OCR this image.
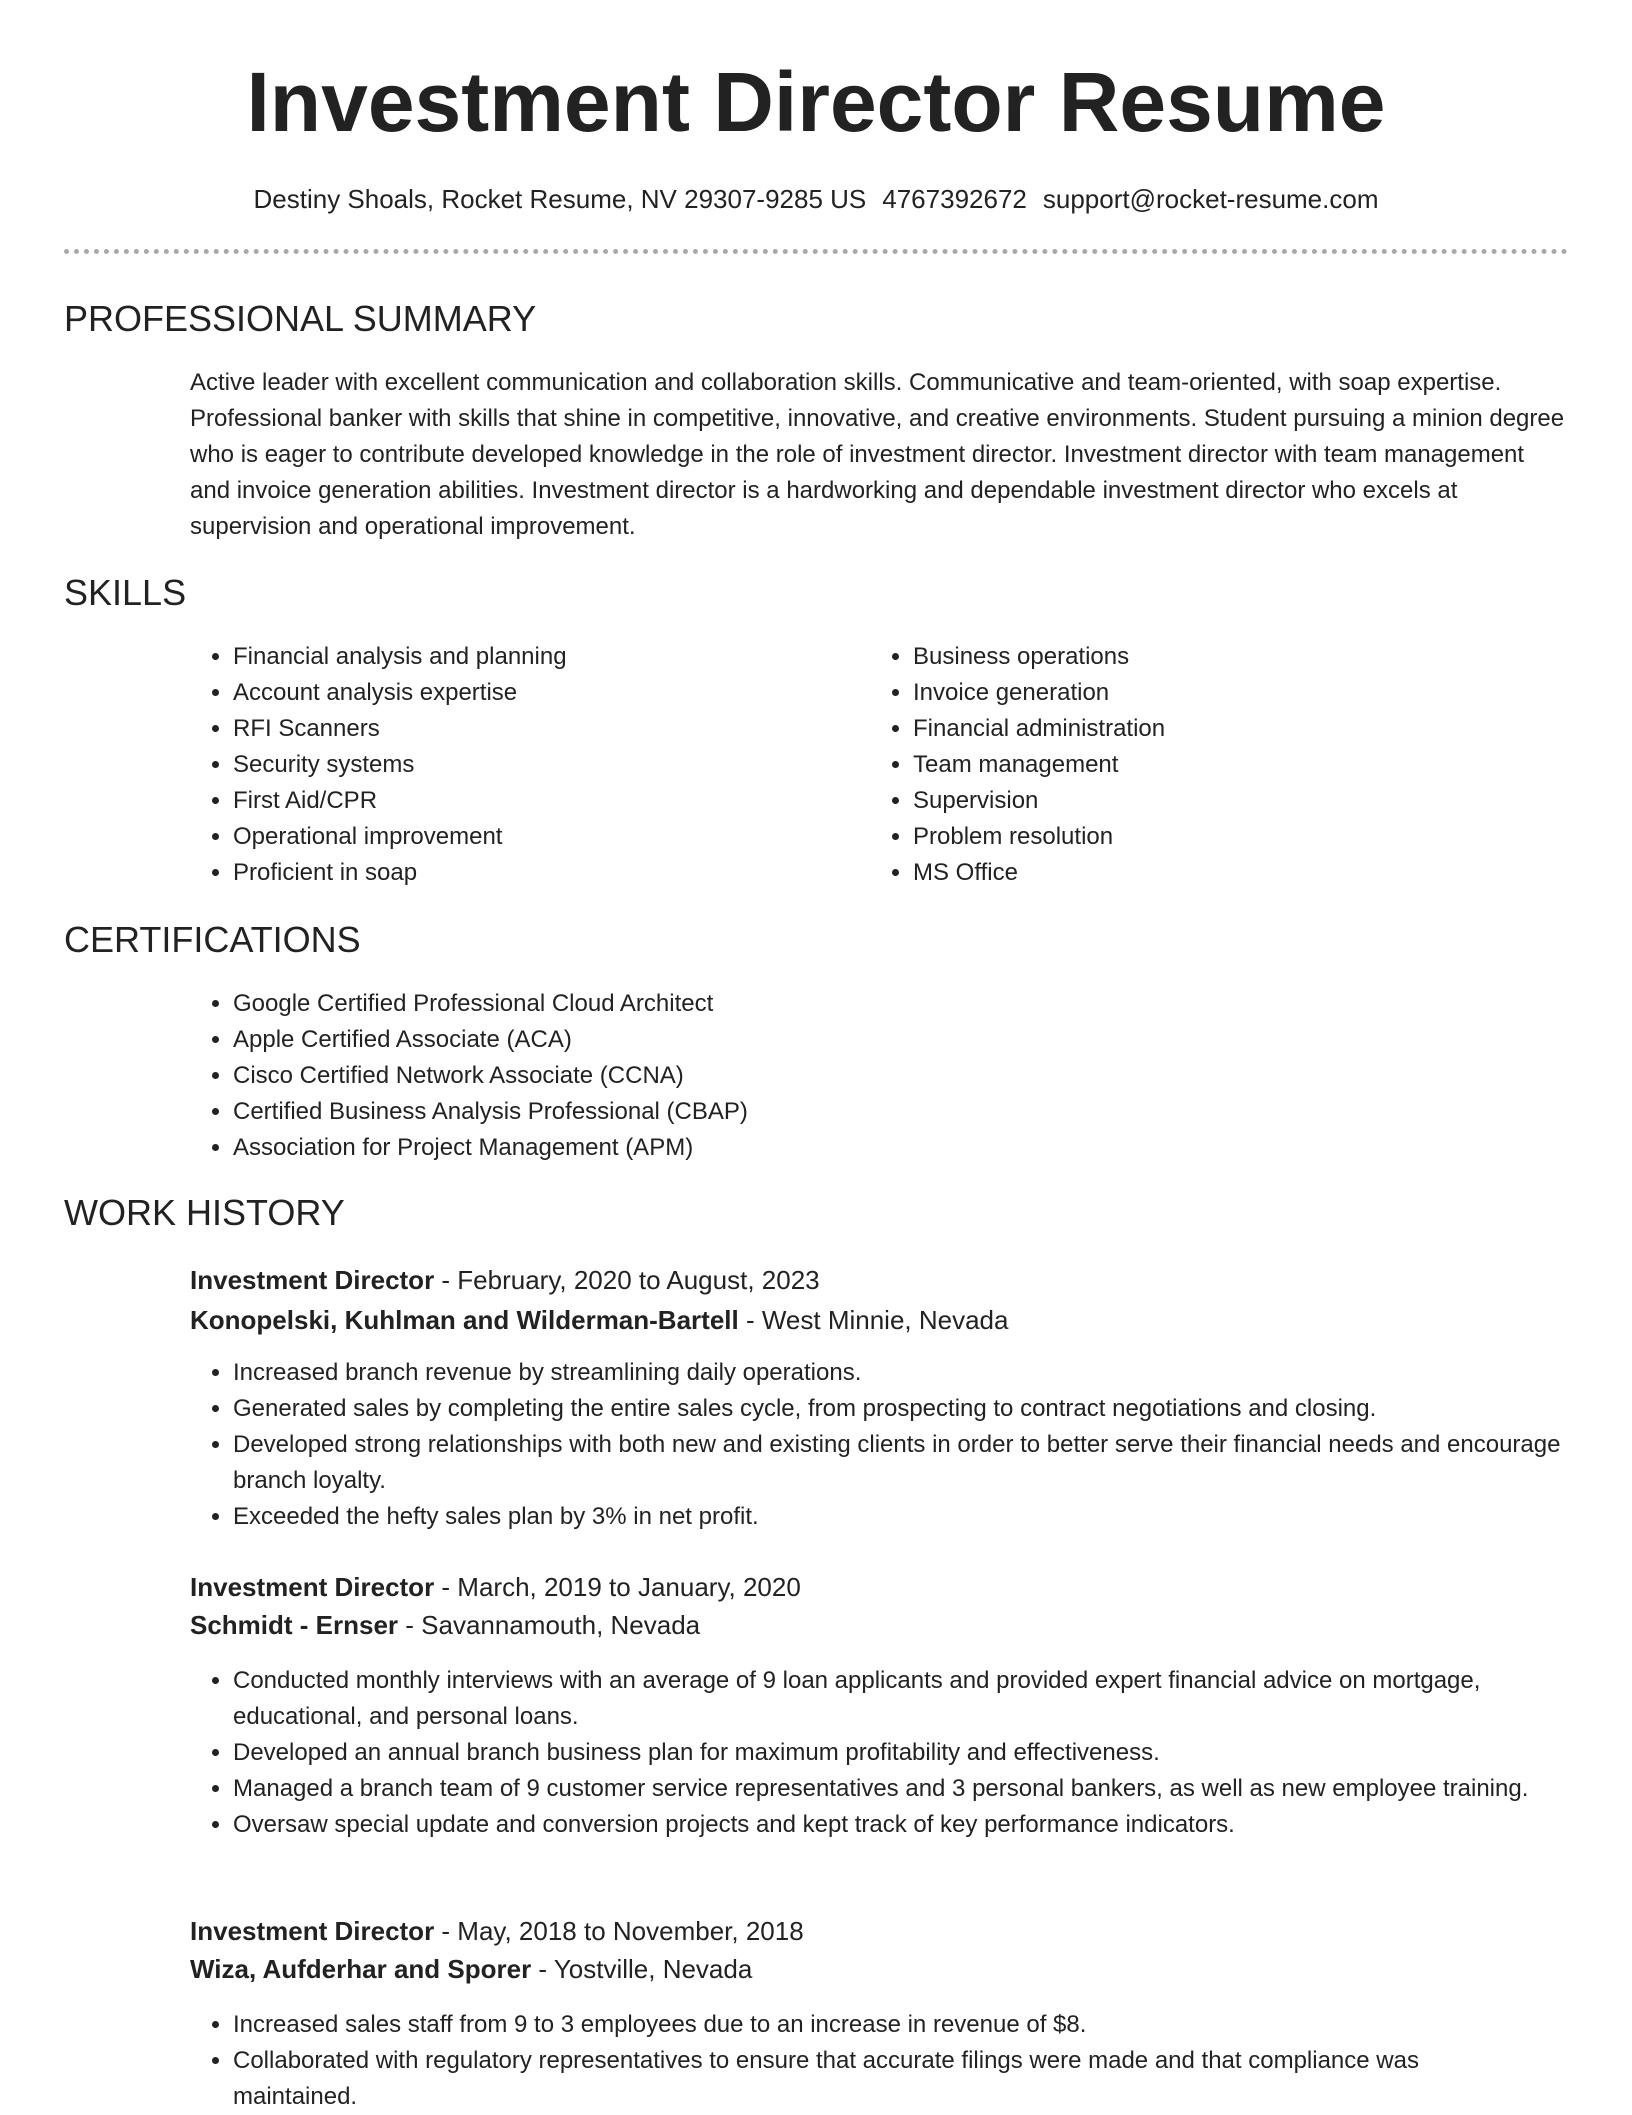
Investment Director Resume
Destiny Shoals, Rocket Resume, NV 29307-9285 US 4767392672 support@rocket-resume.com
PROFESSIONAL SUMMARY

Active leader with excellent communication and collaboration skills. Communicative and team-oriented, with soap expertise. Professional banker with skills that shine in competitive, innovative, and creative environments. Student pursuing a minion degree who is eager to contribute developed knowledge in the role of investment director. Investment director with team management and invoice generation abilities. Investment director is a hardworking and dependable investment director who excels at supervision and operational improvement.

SKILLS
• Financial analysis and planning
• Account analysis expertise
• RFI Scanners
• Security systems
• First Aid/CPR
• Operational improvement
• Proficient in soap
• Business operations
• Invoice generation
• Financial administration
• Team management
• Supervision
• Problem resolution
• MS Office
CERTIFICATIONS
• Google Certified Professional Cloud Architect
• Apple Certified Associate (ACA)
• Cisco Certified Network Associate (CCNA)
• Certified Business Analysis Professional (CBAP)
• Association for Project Management (APM)
WORK HISTORY
Investment Director - February, 2020 to August, 2023
Konopelski, Kuhlman and Wilderman-Bartell - West Minnie, Nevada
• Increased branch revenue by streamlining daily operations.
• Generated sales by completing the entire sales cycle, from prospecting to contract negotiations and closing.
• Developed strong relationships with both new and existing clients in order to better serve their financial needs and encourage branch loyalty.
• Exceeded the hefty sales plan by 3% in net profit.
Investment Director - March, 2019 to January, 2020
Schmidt - Ernser - Savannamouth, Nevada
• Conducted monthly interviews with an average of 9 loan applicants and provided expert financial advice on mortgage, educational, and personal loans.
• Developed an annual branch business plan for maximum profitability and effectiveness.
• Managed a branch team of 9 customer service representatives and 3 personal bankers, as well as new employee training.
• Oversaw special update and conversion projects and kept track of key performance indicators.
Investment Director - May, 2018 to November, 2018
Wiza, Aufderhar and Sporer - Yostville, Nevada
• Increased sales staff from 9 to 3 employees due to an increase in revenue of $8.
• Collaborated with regulatory representatives to ensure that accurate filings were made and that compliance was maintained.
